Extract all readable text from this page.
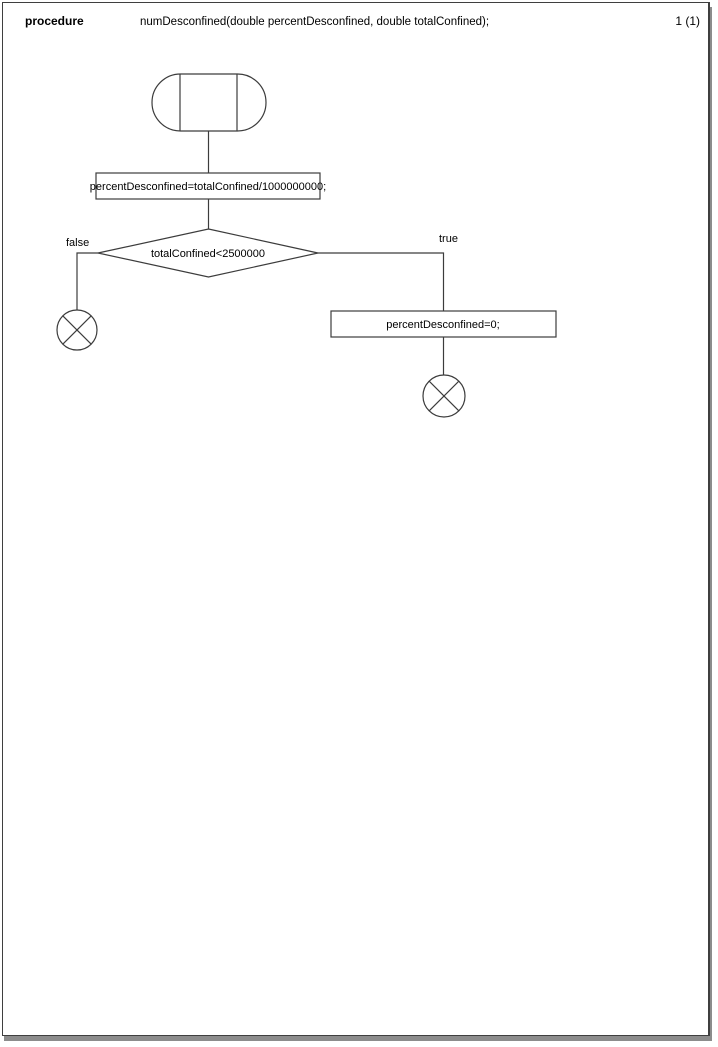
procedure	numDesconfined(double percentDesconfined, double totalConfined);	1 (1)
percentDesconfined=totalConfined/1000000000;
totalConfined<2500000
false	true
percentDesconfined=0;
